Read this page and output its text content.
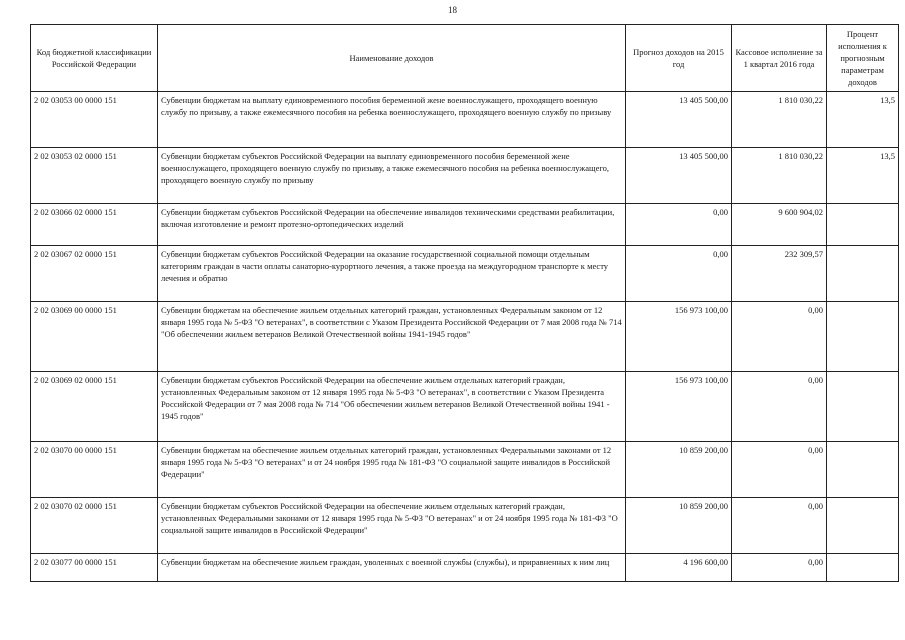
18
Код бюджетной классификации Российской Федерации	Наименование доходов	Прогноз доходов на 2015 год	Кассовое исполнение за 1 квартал 2016 года	Процент исполнения к прогнозным параметрам доходов
2 02 03053 00 0000 151	Субвенции бюджетам на выплату единовременного пособия беременной жене военнослужащего, проходящего военную службу по призыву, а также ежемесячного пособия на ребенка военнослужащего, проходящего военную службу по призыву	13 405 500,00	1 810 030,22	13,5
2 02 03053 02 0000 151	Субвенции бюджетам субъектов Российской Федерации на выплату единовременного пособия беременной жене военнослужащего, проходящего военную службу по призыву, а также ежемесячного пособия на ребенка военнослужащего, проходящего военную службу по призыву	13 405 500,00	1 810 030,22	13,5
2 02 03066 02 0000 151	Субвенции бюджетам субъектов Российской Федерации на обеспечение инвалидов техническими средствами реабилитации, включая изготовление и ремонт протезно-ортопедических изделий	0,00	9 600 904,02	
2 02 03067 02 0000 151	Субвенции бюджетам субъектов Российской Федерации на оказание государственной социальной помощи отдельным категориям граждан в части оплаты санаторно-курортного лечения, а также проезда на междугородном транспорте к месту лечения и обратно	0,00	232 309,57	
2 02 03069 00 0000 151	Субвенции бюджетам на обеспечение жильем отдельных категорий граждан, установленных Федеральным законом от 12 января 1995 года № 5-ФЗ "О ветеранах", в соответствии с Указом Президента Российской Федерации от 7 мая 2008 года № 714 "Об обеспечении жильем ветеранов Великой Отечественной войны 1941-1945 годов"	156 973 100,00	0,00	
2 02 03069 02 0000 151	Субвенции бюджетам субъектов Российской Федерации на обеспечение жильем отдельных категорий граждан, установленных Федеральным законом от 12 января 1995 года № 5-ФЗ "О ветеранах", в соответствии с Указом Президента Российской Федерации от 7 мая 2008 года № 714 "Об обеспечении жильем ветеранов Великой Отечественной войны 1941 - 1945 годов"	156 973 100,00	0,00	
2 02 03070 00 0000 151	Субвенции бюджетам на обеспечение жильем отдельных категорий граждан, установленных Федеральными законами от 12 января 1995 года № 5-ФЗ "О ветеранах" и от 24 ноября 1995 года № 181-ФЗ "О социальной защите инвалидов в Российской Федерации"	10 859 200,00	0,00	
2 02 03070 02 0000 151	Субвенции бюджетам субъектов Российской Федерации на обеспечение жильем отдельных категорий граждан, установленных Федеральными законами от 12 января 1995 года № 5-ФЗ "О ветеранах" и от 24 ноября 1995 года № 181-ФЗ "О социальной защите инвалидов в Российской Федерации"	10 859 200,00	0,00	
2 02 03077 00 0000 151	Субвенции бюджетам на обеспечение жильем граждан, уволенных с военной службы (службы), и приравненных к ним лиц	4 196 600,00	0,00	
